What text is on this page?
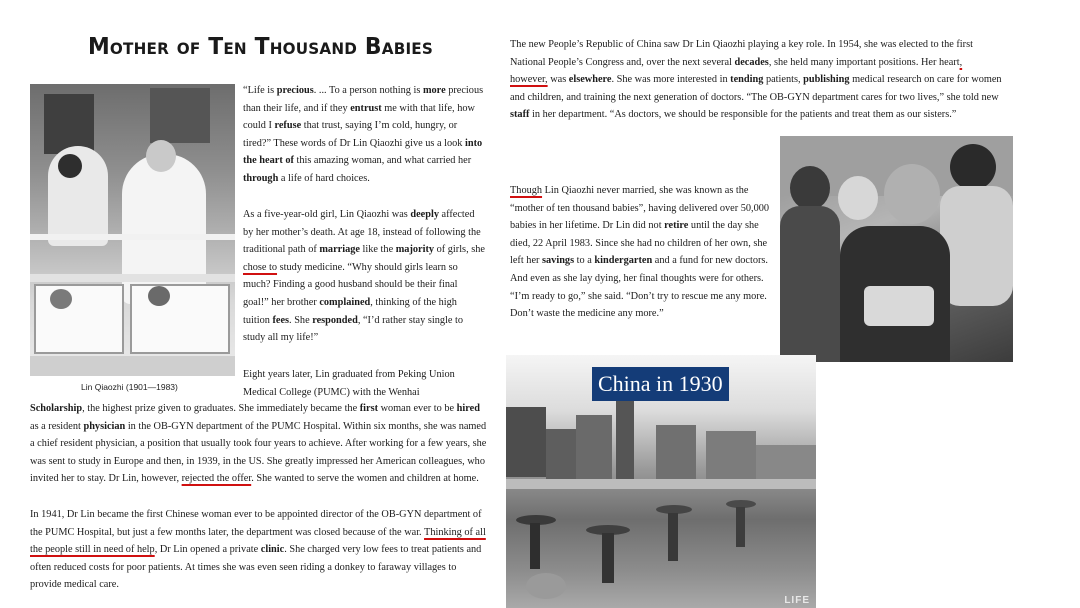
Mother of Ten Thousand Babies
Lin Qiaozhi (1901—1983)
“Life is precious. ... To a person nothing is more precious than their life, and if they entrust me with that life, how could I refuse that trust, saying I’m cold, hungry, or tired?” These words of Dr Lin Qiaozhi give us a look into the heart of this amazing woman, and what carried her through a life of hard choices.
As a five-year-old girl, Lin Qiaozhi was deeply affected by her mother’s death. At age 18, instead of following the traditional path of marriage like the majority of girls, she chose to study medicine. “Why should girls learn so much? Finding a good husband should be their final goal!” her brother complained, thinking of the high tuition fees. She responded, “I’d rather stay single to study all my life!”
Eight years later, Lin graduated from Peking Union Medical College (PUMC) with the Wenhai
Scholarship, the highest prize given to graduates. She immediately became the first woman ever to be hired as a resident physician in the OB-GYN department of the PUMC Hospital. Within six months, she was named a chief resident physician, a position that usually took four years to achieve. After working for a few years, she was sent to study in Europe and then, in 1939, in the US. She greatly impressed her American colleagues, who invited her to stay. Dr Lin, however, rejected the offer. She wanted to serve the women and children at home.
In 1941, Dr Lin became the first Chinese woman ever to be appointed director of the OB-GYN department of the PUMC Hospital, but just a few months later, the department was closed because of the war. Thinking of all the people still in need of help, Dr Lin opened a private clinic. She charged very low fees to treat patients and often reduced costs for poor patients. At times she was even seen riding a donkey to faraway villages to provide medical care.
The new People’s Republic of China saw Dr Lin Qiaozhi playing a key role. In 1954, she was elected to the first National People’s Congress and, over the next several decades, she held many important positions. Her heart, however, was elsewhere. She was more interested in tending patients, publishing medical research on care for women and children, and training the next generation of doctors. “The OB-GYN department cares for two lives,” she told new staff in her department. “As doctors, we should be responsible for the patients and treat them as our sisters.”
Though Lin Qiaozhi never married, she was known as the “mother of ten thousand babies”, having delivered over 50,000 babies in her lifetime. Dr Lin did not retire until the day she died, 22 April 1983. Since she had no children of her own, she left her savings to a kindergarten and a fund for new doctors. And even as she lay dying, her final thoughts were for others. “I’m ready to go,” she said. “Don’t try to rescue me any more. Don’t waste the medicine any more.”
China in 1930
LIFE
